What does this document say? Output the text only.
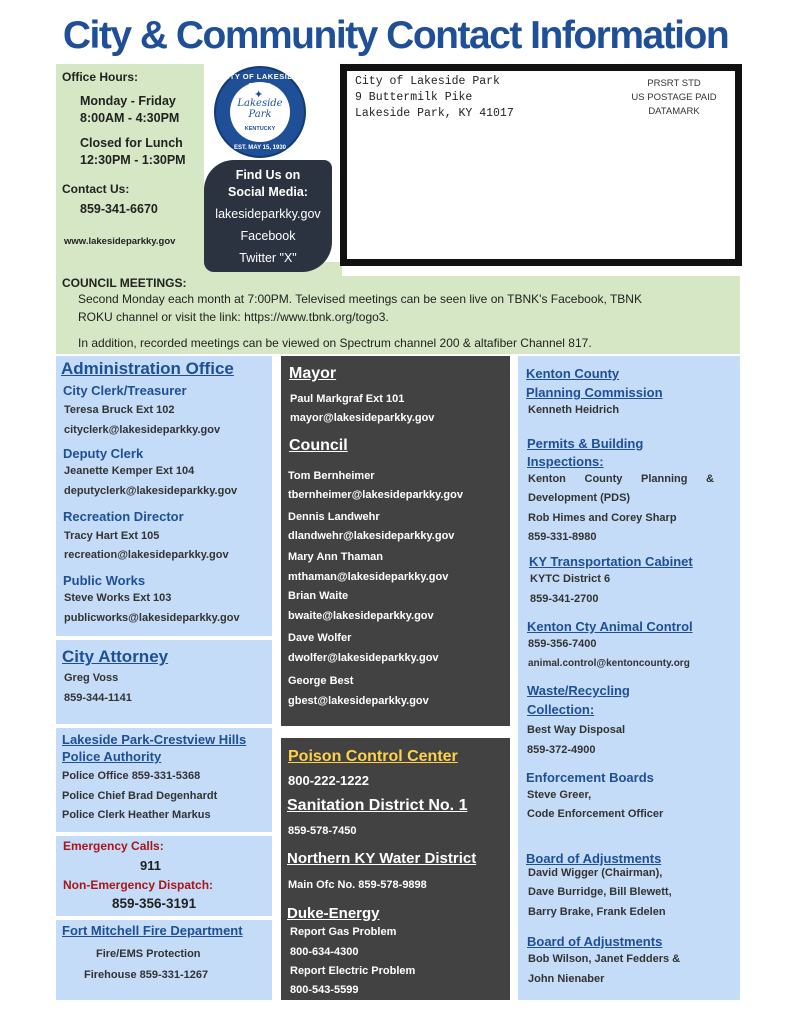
City & Community Contact Information
Office Hours:
Monday - Friday
8:00AM - 4:30PM
Closed for Lunch
12:30PM - 1:30PM
Contact Us:
859-341-6670
www.lakesideparkky.gov
CITY OF LAKESIDE
✦
Lakeside
Park
KENTUCKY
EST. MAY 15, 1930
Find Us on
Social Media:
lakesideparkky.gov
Facebook
Twitter "X"
City of Lakeside Park
9 Buttermilk Pike
Lakeside Park, KY 41017
PRSRT STD
US POSTAGE PAID
DATAMARK
COUNCIL MEETINGS:
Second Monday each month at 7:00PM. Televised meetings can be seen live on TBNK's Facebook, TBNK
ROKU channel or visit the link: https://www.tbnk.org/togo3.
In addition, recorded meetings can be viewed on Spectrum channel 200 & altafiber Channel 817.
Administration Office
City Clerk/Treasurer
Teresa Bruck Ext 102
cityclerk@lakesideparkky.gov
Deputy Clerk
Jeanette Kemper Ext 104
deputyclerk@lakesideparkky.gov
Recreation Director
Tracy Hart Ext 105
recreation@lakesideparkky.gov
Public Works
Steve Works Ext 103
publicworks@lakesideparkky.gov
City Attorney
Greg Voss
859-344-1141
Lakeside Park-Crestview Hills
Police Authority
Police Office 859-331-5368
Police Chief Brad Degenhardt
Police Clerk Heather Markus
Emergency Calls:
911
Non-Emergency Dispatch:
859-356-3191
Fort Mitchell Fire Department
Fire/EMS Protection
Firehouse 859-331-1267
Mayor
Paul Markgraf Ext 101
mayor@lakesideparkky.gov
Council
Tom Bernheimer
tbernheimer@lakesideparkky.gov
Dennis Landwehr
dlandwehr@lakesideparkky.gov
Mary Ann Thaman
mthaman@lakesideparkky.gov
Brian Waite
bwaite@lakesideparkky.gov
Dave Wolfer
dwolfer@lakesideparkky.gov
George Best
gbest@lakesideparkky.gov
Poison Control Center
800-222-1222
Sanitation District No. 1
859-578-7450
Northern KY Water District
Main Ofc No. 859-578-9898
Duke-Energy
Report Gas Problem
800-634-4300
Report Electric Problem
800-543-5599
Kenton County
Planning Commission
Kenneth Heidrich
Permits & Building
Inspections:
Kenton County Planning &
Development (PDS)
Rob Himes and Corey Sharp
859-331-8980
KY Transportation Cabinet
KYTC District 6
859-341-2700
Kenton Cty Animal Control
859-356-7400
animal.control@kentoncounty.org
Waste/Recycling
Collection:
Best Way Disposal
859-372-4900
Enforcement Boards
Steve Greer,
Code Enforcement Officer
Board of Adjustments
David Wigger (Chairman),
Dave Burridge, Bill Blewett,
Barry Brake, Frank Edelen
Board of Adjustments
Bob Wilson, Janet Fedders &
John Nienaber
